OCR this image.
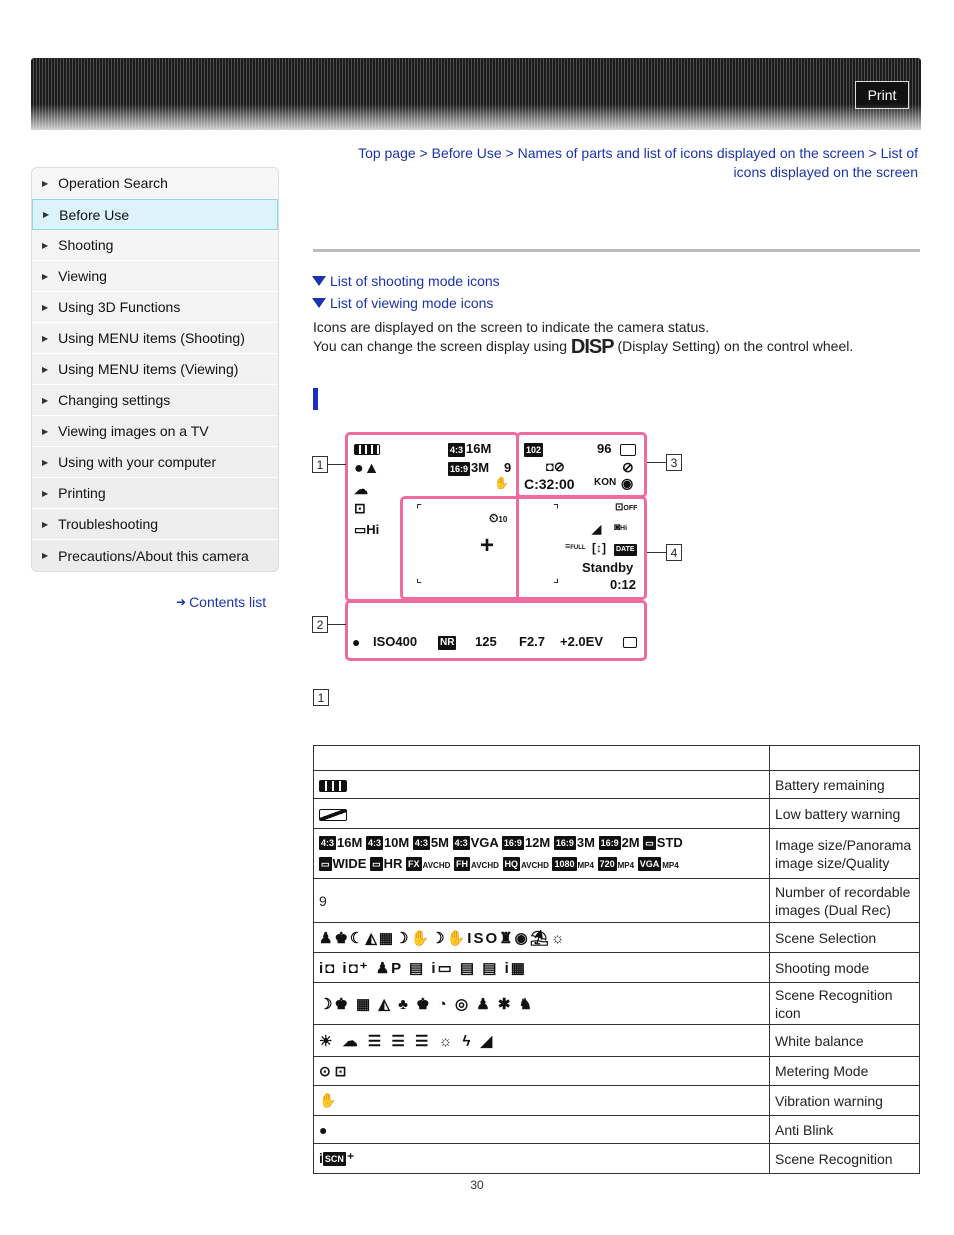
Print
▶ Operation Search
▶ Before Use
▶ Shooting
▶ Viewing
▶ Using 3D Functions
▶ Using MENU items (Shooting)
▶ Using MENU items (Viewing)
▶ Changing settings
▶ Viewing images on a TV
▶ Using with your computer
▶ Printing
▶ Troubleshooting
▶ Precautions/About this camera
➜ Contents list
Top page > Before Use > Names of parts and list of icons displayed on the screen > List of
icons displayed on the screen
List of shooting mode icons
List of viewing mode icons
Icons are displayed on the screen to indicate the camera status.
You can change the screen display using DISP (Display Setting) on the control wheel.
1
2
3
4
4:3 16M
16:9 3M 9
●▲
☁
⊡
▭Hi
✋
102	96
◘⊘	⊘
C:32:00 KON ◉
⌜	⌝
⌞	⌟
⏲10
+
⊡OFF
◢ ◙Hi
≡FULL [↕] DATE
Standby
0:12
● ISO400 NR 125 F2.7 +2.0EV
1

	Battery remaining
	Low battery warning

4:3 16M 4:3 10M 4:3 5M 4:3 VGA 16:9 12M 16:9 3M 16:9 2M ▭ STD
▭ WIDE ▭ HR FX AVCHD FH AVCHD HQ AVCHD 1080 MP4 720 MP4 VGA MP4	Image size/Panorama image size/Quality
9	Number of recordable images (Dual Rec)
♟♚☾◭▦☽✋☽✋ISO♜◉⛱☼	Scene Selection
i◘ i◘⁺ ♟P ▤ i▭ ▤ ▤ i▦	Shooting mode
☽♚ ▦ ◭ ♣ ♚ ◔ ◎ ♟ ✱ ♞	Scene Recognition icon
☀ ☁ ☰ ☰ ☰ ☼ ϟ ◢	White balance
⊙ ⊡	Metering Mode
✋	Vibration warning
●	Anti Blink
i SCN ⁺	Scene Recognition
30
